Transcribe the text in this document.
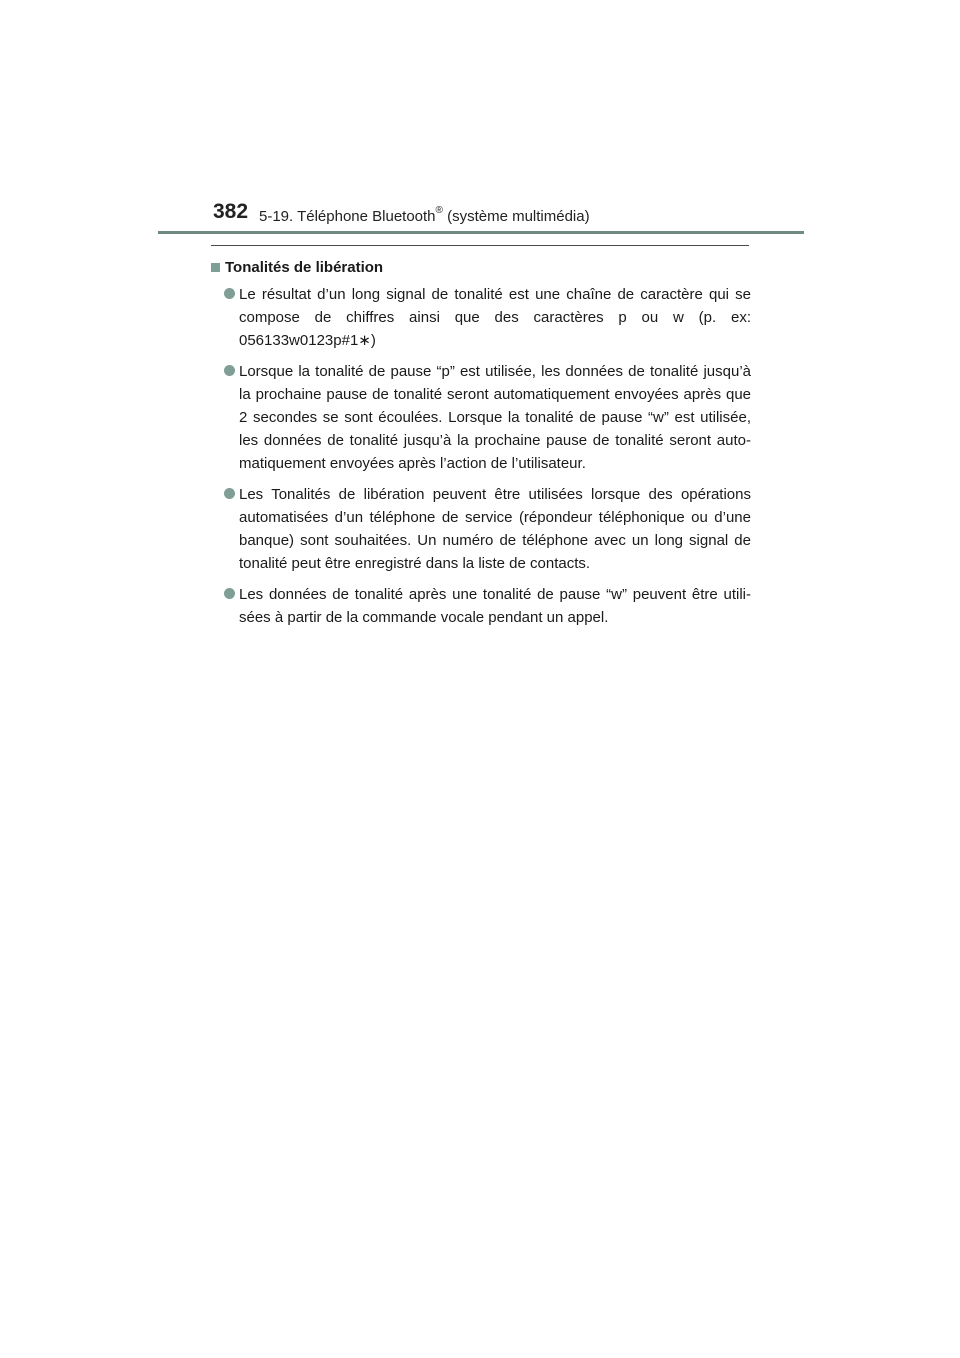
382 5-19. Téléphone Bluetooth® (système multimédia)
Tonalités de libération
Le résultat d’un long signal de tonalité est une chaîne de caractère qui se compose de chiffres ainsi que des caractères p ou w (p. ex: 056133w0123p#1∗)
Lorsque la tonalité de pause “p” est utilisée, les données de tonalité jusqu’à la prochaine pause de tonalité seront automatiquement envoyées après que 2 secondes se sont écoulées. Lorsque la tonalité de pause “w” est utilisée, les données de tonalité jusqu’à la prochaine pause de tonalité seront auto-matiquement envoyées après l’action de l’utilisateur.
Les Tonalités de libération peuvent être utilisées lorsque des opérations automatisées d’un téléphone de service (répondeur téléphonique ou d’une banque) sont souhaitées. Un numéro de téléphone avec un long signal de tonalité peut être enregistré dans la liste de contacts.
Les données de tonalité après une tonalité de pause “w” peuvent être utili-sées à partir de la commande vocale pendant un appel.
